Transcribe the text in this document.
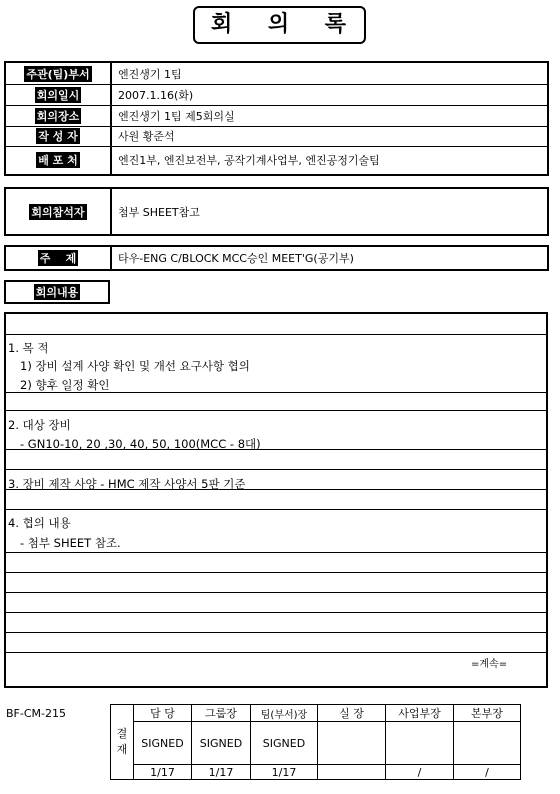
회 의 록
주관(팀)부서	엔진생기 1팀
회의일시	2007.1.16(화)
회의장소	엔진생기 1팀 제5회의실
작 성 자	사원 황준석
배 포 처	엔진1부, 엔진보전부, 공작기계사업부, 엔진공정기술팀
회의참석자	첨부 SHEET참고
주    제	타우-ENG C/BLOCK MCC승인 MEET'G(공기부)
회의내용
1. 목 적
1) 장비 설계 사양 확인 및 개선 요구사항 협의
2) 향후 일정 확인
2. 대상 장비
- GN10-10, 20 ,30, 40, 50, 100(MCC - 8대)
3. 장비 제작 사양 - HMC 제작 사양서 5판 기준
4. 협의 내용
- 첨부 SHEET 참조.
=계속=
BF-CM-215
결
재	담 당	그룹장	팀(부서)장	실 장	사업부장	본부장
	SIGNED	SIGNED	SIGNED			
	1/17	1/17	1/17		/	/
